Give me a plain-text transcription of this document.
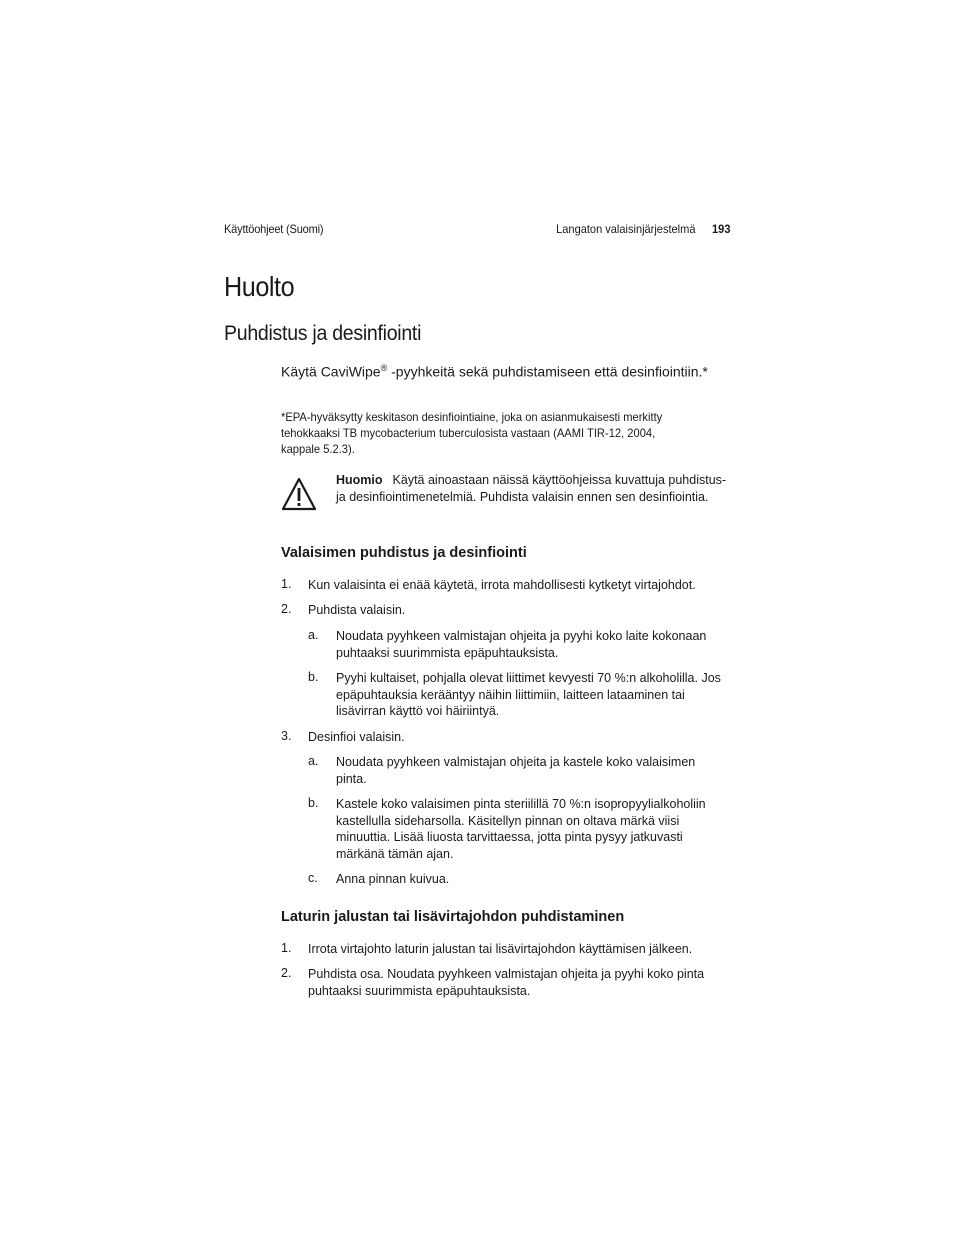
Käyttöohjeet (Suomi)	Langaton valaisinjärjestelmä 193
Huolto
Puhdistus ja desinfiointi
Käytä CaviWipe® -pyyhkeitä sekä puhdistamiseen että desinfiointiin.*
*EPA-hyväksytty keskitason desinfiointiaine, joka on asianmukaisesti merkitty tehokkaaksi TB mycobacterium tuberculosista vastaan (AAMI TIR-12, 2004, kappale 5.2.3).
Huomio Käytä ainoastaan näissä käyttöohjeissa kuvattuja puhdistus- ja desinfiointimenetelmiä. Puhdista valaisin ennen sen desinfiointia.
Valaisimen puhdistus ja desinfiointi
1. Kun valaisinta ei enää käytetä, irrota mahdollisesti kytketyt virtajohdot.
2. Puhdista valaisin.
a. Noudata pyyhkeen valmistajan ohjeita ja pyyhi koko laite kokonaan puhtaaksi suurimmista epäpuhtauksista.
b. Pyyhi kultaiset, pohjalla olevat liittimet kevyesti 70 %:n alkoholilla. Jos epäpuhtauksia kerääntyy näihin liittimiin, laitteen lataaminen tai lisävirran käyttö voi häiriintyä.
3. Desinfioi valaisin.
a. Noudata pyyhkeen valmistajan ohjeita ja kastele koko valaisimen pinta.
b. Kastele koko valaisimen pinta steriilillä 70 %:n isopropyylialkoholiin kastellulla sideharsolla. Käsitellyn pinnan on oltava märkä viisi minuuttia. Lisää liuosta tarvittaessa, jotta pinta pysyy jatkuvasti märkänä tämän ajan.
c. Anna pinnan kuivua.
Laturin jalustan tai lisävirtajohdon puhdistaminen
1. Irrota virtajohto laturin jalustan tai lisävirtajohdon käyttämisen jälkeen.
2. Puhdista osa. Noudata pyyhkeen valmistajan ohjeita ja pyyhi koko pinta puhtaaksi suurimmista epäpuhtauksista.
